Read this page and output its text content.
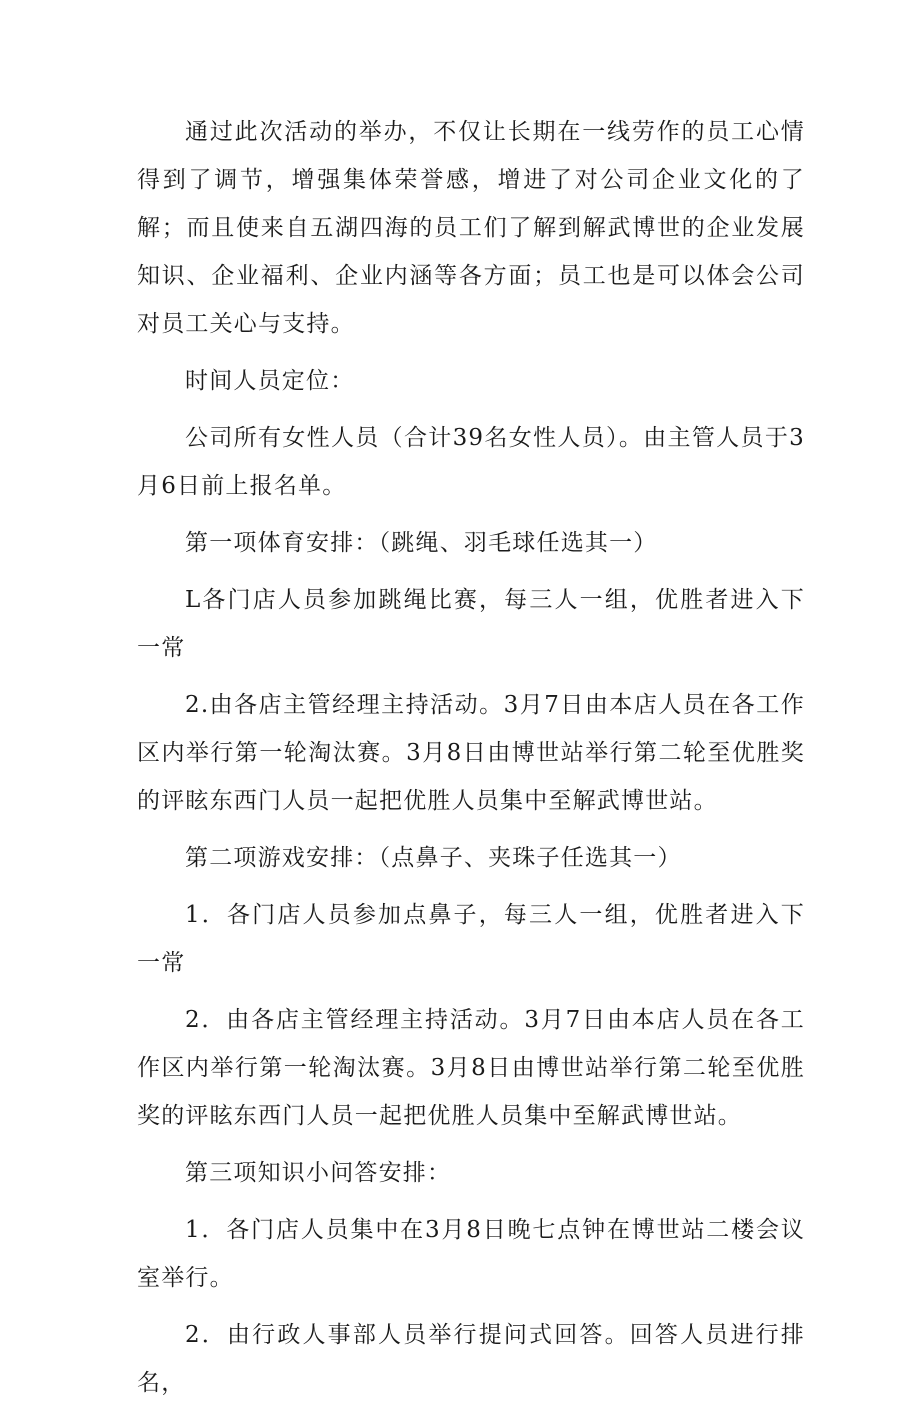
通过此次活动的举办，不仅让长期在一线劳作的员工心情得到了调节，增强集体荣誉感，增进了对公司企业文化的了解；而且使来自五湖四海的员工们了解到解武博世的企业发展知识、企业福利、企业内涵等各方面；员工也是可以体会公司对员工关心与支持。

时间人员定位：

公司所有女性人员（合计39名女性人员）。由主管人员于3月6日前上报名单。

第一项体育安排：（跳绳、羽毛球任选其一）

L各门店人员参加跳绳比赛，每三人一组，优胜者进入下一常

2.由各店主管经理主持活动。3月7日由本店人员在各工作区内举行第一轮淘汰赛。3月8日由博世站举行第二轮至优胜奖的评眩东西门人员一起把优胜人员集中至解武博世站。

第二项游戏安排：（点鼻子、夹珠子任选其一）

1．各门店人员参加点鼻子，每三人一组，优胜者进入下一常

2．由各店主管经理主持活动。3月7日由本店人员在各工作区内举行第一轮淘汰赛。3月8日由博世站举行第二轮至优胜奖的评眩东西门人员一起把优胜人员集中至解武博世站。

第三项知识小问答安排：

1．各门店人员集中在3月8日晚七点钟在博世站二楼会议室举行。

2．由行政人事部人员举行提问式回答。回答人员进行排名，
